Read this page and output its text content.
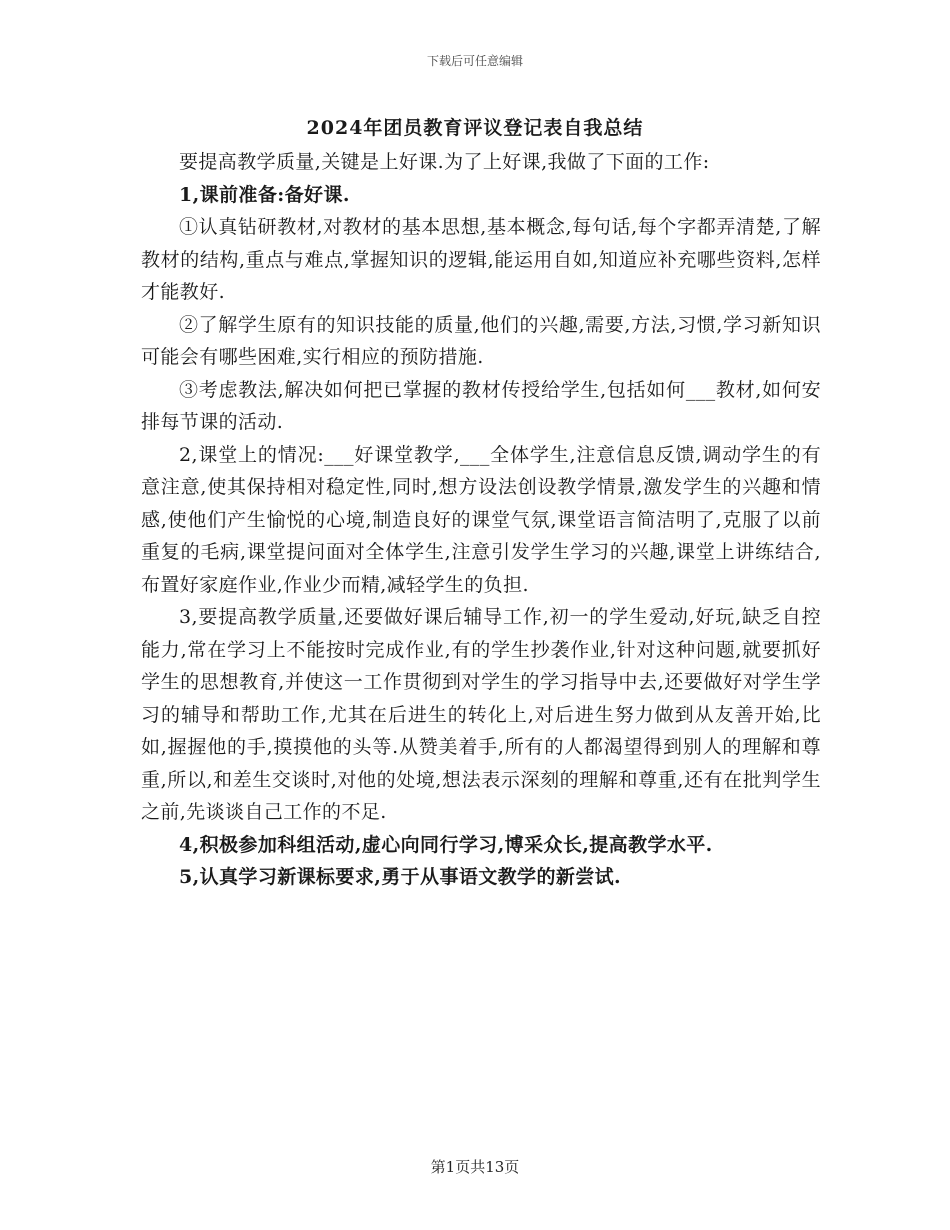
下载后可任意编辑
2024年团员教育评议登记表自我总结

要提高教学质量,关键是上好课.为了上好课,我做了下面的工作:

1,课前准备:备好课.

①认真钻研教材,对教材的基本思想,基本概念,每句话,每个字都弄清楚,了解教材的结构,重点与难点,掌握知识的逻辑,能运用自如,知道应补充哪些资料,怎样才能教好.

②了解学生原有的知识技能的质量,他们的兴趣,需要,方法,习惯,学习新知识可能会有哪些困难,实行相应的预防措施.

③考虑教法,解决如何把已掌握的教材传授给学生,包括如何___教材,如何安排每节课的活动.

2,课堂上的情况:___好课堂教学,___全体学生,注意信息反馈,调动学生的有意注意,使其保持相对稳定性,同时,想方设法创设教学情景,激发学生的兴趣和情感,使他们产生愉悦的心境,制造良好的课堂气氛,课堂语言简洁明了,克服了以前重复的毛病,课堂提问面对全体学生,注意引发学生学习的兴趣,课堂上讲练结合,布置好家庭作业,作业少而精,减轻学生的负担.

3,要提高教学质量,还要做好课后辅导工作,初一的学生爱动,好玩,缺乏自控能力,常在学习上不能按时完成作业,有的学生抄袭作业,针对这种问题,就要抓好学生的思想教育,并使这一工作贯彻到对学生的学习指导中去,还要做好对学生学习的辅导和帮助工作,尤其在后进生的转化上,对后进生努力做到从友善开始,比如,握握他的手,摸摸他的头等.从赞美着手,所有的人都渴望得到别人的理解和尊重,所以,和差生交谈时,对他的处境,想法表示深刻的理解和尊重,还有在批判学生之前,先谈谈自己工作的不足.

4,积极参加科组活动,虚心向同行学习,博采众长,提高教学水平.

5,认真学习新课标要求,勇于从事语文教学的新尝试.

第1页共13页
